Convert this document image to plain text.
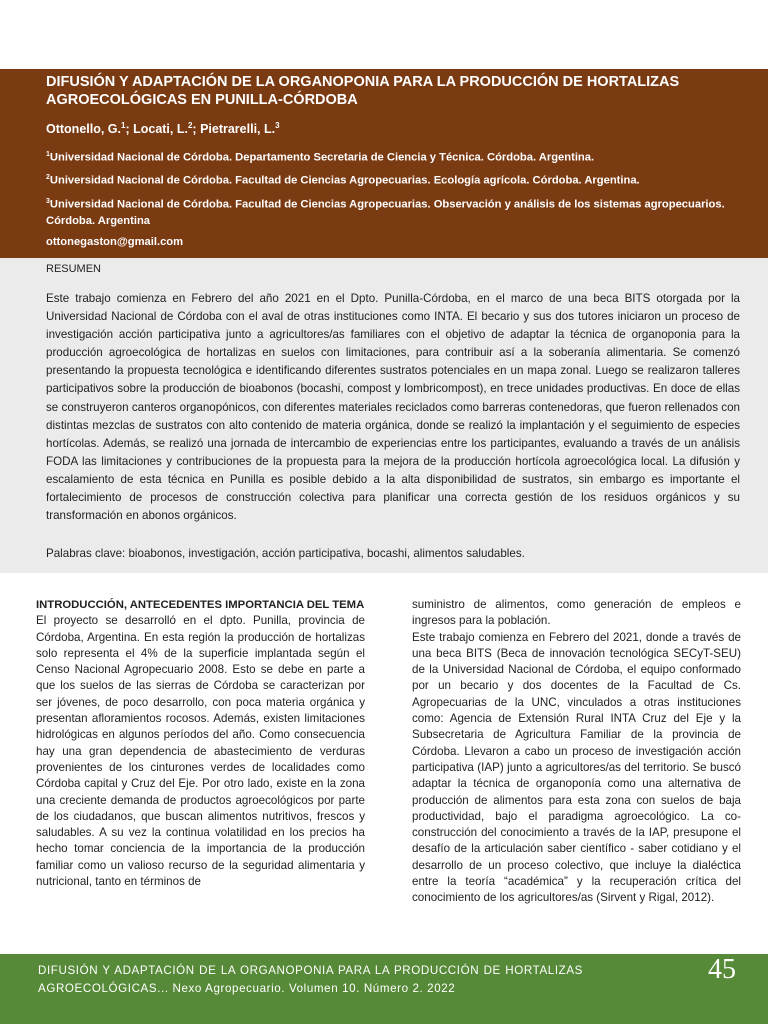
DIFUSIÓN Y ADAPTACIÓN DE LA ORGANOPONIA PARA LA PRODUCCIÓN DE HORTALIZAS AGROECOLÓGICAS EN PUNILLA-CÓRDOBA
Ottonello, G.$^1$; Locati, L.$^2$; Pietrarelli, L.$^3$
$^1$Universidad Nacional de Córdoba. Departamento Secretaria de Ciencia y Técnica. Córdoba. Argentina.
$^2$Universidad Nacional de Córdoba. Facultad de Ciencias Agropecuarias. Ecología agrícola. Córdoba. Argentina.
$^3$Universidad Nacional de Córdoba. Facultad de Ciencias Agropecuarias. Observación y análisis de los sistemas agropecuarios. Córdoba. Argentina
ottonegaston@gmail.com
RESUMEN

Este trabajo comienza en Febrero del año 2021 en el Dpto. Punilla-Córdoba, en el marco de una beca BITS otorgada por la Universidad Nacional de Córdoba con el aval de otras instituciones como INTA. El becario y sus dos tutores iniciaron un proceso de investigación acción participativa junto a agricultores/as familiares con el objetivo de adaptar la técnica de organoponia para la producción agroecológica de hortalizas en suelos con limitaciones, para contribuir así a la soberanía alimentaria. Se comenzó presentando la propuesta tecnológica e identificando diferentes sustratos potenciales en un mapa zonal. Luego se realizaron talleres participativos sobre la producción de bioabonos (bocashi, compost y lombricompost), en trece unidades productivas. En doce de ellas se construyeron canteros organopónicos, con diferentes materiales reciclados como barreras contenedoras, que fueron rellenados con distintas mezclas de sustratos con alto contenido de materia orgánica, donde se realizó la implantación y el seguimiento de especies hortícolas. Además, se realizó una jornada de intercambio de experiencias entre los participantes, evaluando a través de un análisis FODA las limitaciones y contribuciones de la propuesta para la mejora de la producción hortícola agroecológica local. La difusión y escalamiento de esta técnica en Punilla es posible debido a la alta disponibilidad de sustratos, sin embargo es importante el fortalecimiento de procesos de construcción colectiva para planificar una correcta gestión de los residuos orgánicos y su transformación en abonos orgánicos.

Palabras clave: bioabonos, investigación, acción participativa, bocashi, alimentos saludables.

INTRODUCCIÓN, ANTECEDENTES IMPORTANCIA DEL TEMA

El proyecto se desarrolló en el dpto. Punilla, provincia de Córdoba, Argentina. En esta región la producción de hortalizas solo representa el 4% de la superficie implantada según el Censo Nacional Agropecuario 2008. Esto se debe en parte a que los suelos de las sierras de Córdoba se caracterizan por ser jóvenes, de poco desarrollo, con poca materia orgánica y presentan afloramientos rocosos. Además, existen limitaciones hidrológicas en algunos períodos del año. Como consecuencia hay una gran dependencia de abastecimiento de verduras provenientes de los cinturones verdes de localidades como Córdoba capital y Cruz del Eje. Por otro lado, existe en la zona una creciente demanda de productos agroecológicos por parte de los ciudadanos, que buscan alimentos nutritivos, frescos y saludables. A su vez la continua volatilidad en los precios ha hecho tomar conciencia de la importancia de la producción familiar como un valioso recurso de la seguridad alimentaria y nutricional, tanto en términos de

suministro de alimentos, como generación de empleos e ingresos para la población.

Este trabajo comienza en Febrero del 2021, donde a través de una beca BITS (Beca de innovación tecnológica SECyT-SEU) de la Universidad Nacional de Córdoba, el equipo conformado por un becario y dos docentes de la Facultad de Cs. Agropecuarias de la UNC, vinculados a otras instituciones como: Agencia de Extensión Rural INTA Cruz del Eje y la Subsecretaria de Agricultura Familiar de la provincia de Córdoba. Llevaron a cabo un proceso de investigación acción participativa (IAP) junto a agricultores/as del territorio. Se buscó adaptar la técnica de organoponía como una alternativa de producción de alimentos para esta zona con suelos de baja productividad, bajo el paradigma agroecológico. La co-construcción del conocimiento a través de la IAP, presupone el desafío de la articulación saber científico - saber cotidiano y el desarrollo de un proceso colectivo, que incluye la dialéctica entre la teoría “académica” y la recuperación crítica del conocimiento de los agricultores/as (Sirvent y Rigal, 2012).

DIFUSIÓN Y ADAPTACIÓN DE LA ORGANOPONIA PARA LA PRODUCCIÓN DE HORTALIZAS AGROECOLÓGICAS... Nexo Agropecuario. Volumen 10. Número 2. 2022

45
